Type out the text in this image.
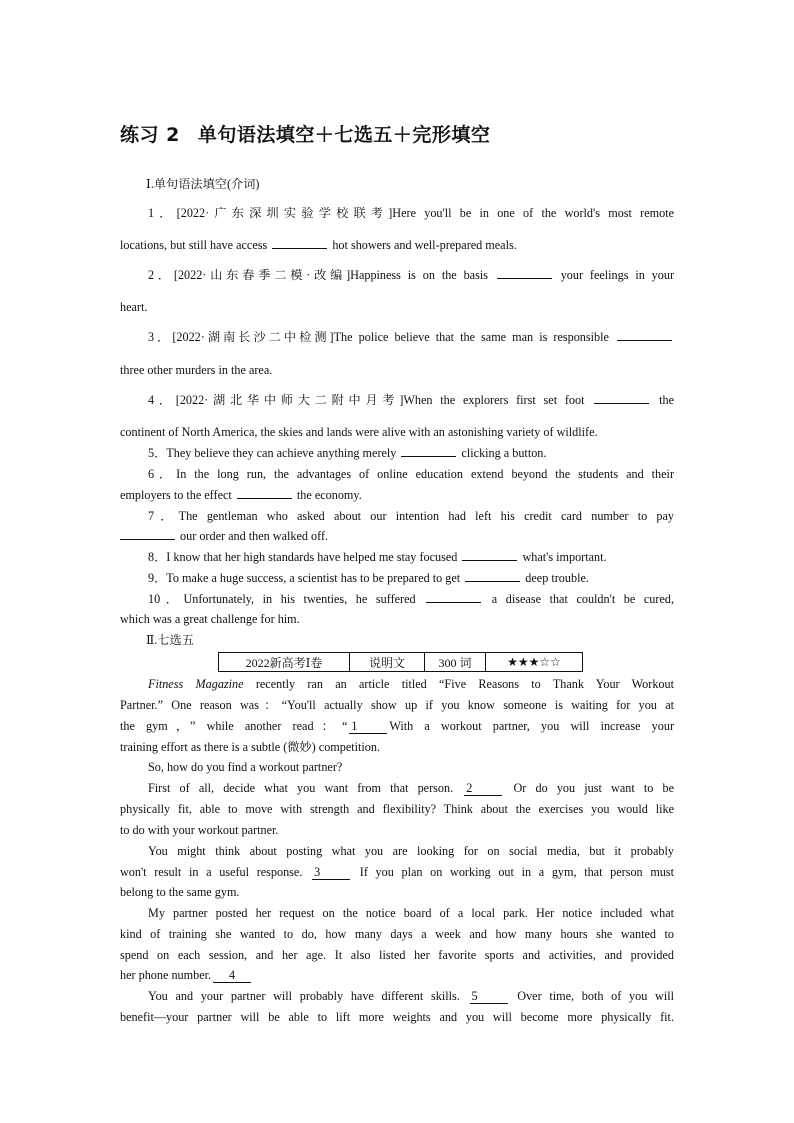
练习 2 单句语法填空＋七选五＋完形填空
Ⅰ.单句语法填空(介词)
1．[2022·广东深圳实验学校联考]Here you'll be in one of the world's most remote
locations, but still have access	hot showers and well-prepared meals.
2．[2022·山东春季二模·改编]Happiness is on the basis	your feelings in your
heart.
3．[2022·湖南长沙二中检测]The police believe that the same man is responsible
three other murders in the area.
4．[2022·湖北华中师大二附中月考]When the explorers first set foot	the
continent of North America, the skies and lands were alive with an astonishing variety of wildlife.
5．They believe they can achieve anything merely	clicking a button.
6．In the long run, the advantages of online education extend beyond the students and their
employers to the effect	the economy.
7．The gentleman who asked about our intention had left his credit card number to pay
our order and then walked off.
8．I know that her high standards have helped me stay focused	what's important.
9．To make a huge success, a scientist has to be prepared to get	deep trouble.
10．Unfortunately, in his twenties, he suffered	a disease that couldn't be cured,
which was a great challenge for him.
Ⅱ.七选五
2022新高考Ⅰ卷	说明文	300 词	★★★☆☆
Fitness Magazine recently ran an article titled “Five Reasons to Thank Your Workout
Partner.” One reason was：“You'll actually show up if you know someone is waiting for you at
the gym，” while another read：“ 1	With a workout partner, you will increase your
training effort as there is a subtle (微妙) competition.
So, how do you find a workout partner?
First of all, decide what you want from that person. 2	Or do you just want to be
physically fit, able to move with strength and flexibility? Think about the exercises you would like
to do with your workout partner.
You might think about posting what you are looking for on social media, but it probably
won't result in a useful response. 3	If you plan on working out in a gym, that person must
belong to the same gym.
My partner posted her request on the notice board of a local park. Her notice included what
kind of training she wanted to do, how many days a week and how many hours she wanted to
spend on each session, and her age. It also listed her favorite sports and activities, and provided
her phone number. 4
You and your partner will probably have different skills. 5	Over time, both of you will
benefit—your partner will be able to lift more weights and you will become more physically fit.
